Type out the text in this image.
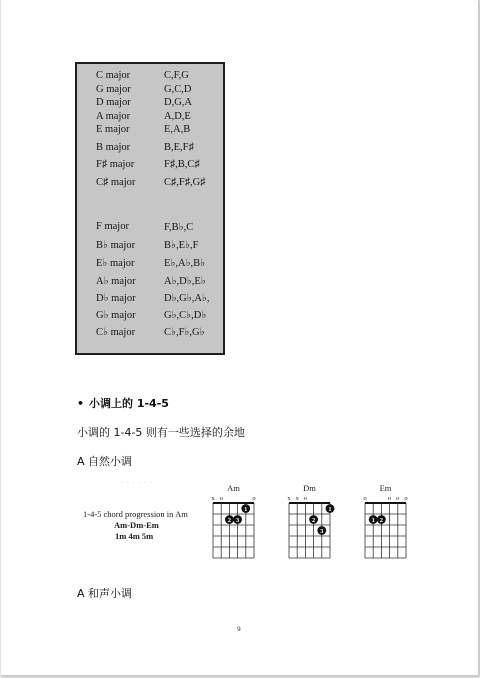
C major	C,F,G
G major	G,C,D
D major	D,G,A
A major	A,D,E
E major	E,A,B
B major	B,E,F♯
F♯ major	F♯,B,C♯
C♯ major	C♯,F♯,G♯
F major	F,B♭,C
B♭ major	B♭,E♭,F
E♭ major	E♭,A♭,B♭
A♭ major	A♭,D♭,E♭
D♭ major	D♭,G♭,A♭,
G♭ major	G♭,C♭,D♭
C♭ major	C♭,F♭,G♭
• 小调上的 1-4-5
小调的 1-4-5 则有一些选择的余地
A 自然小调
· · · · · ·
1-4-5 chord progression in Am
Am-Dm-Em
1m 4m 5m
Am
x o	o
1
2 3
Dm
x x o
1
2
3
Em
o	o o o
1 2
A 和声小调
9
